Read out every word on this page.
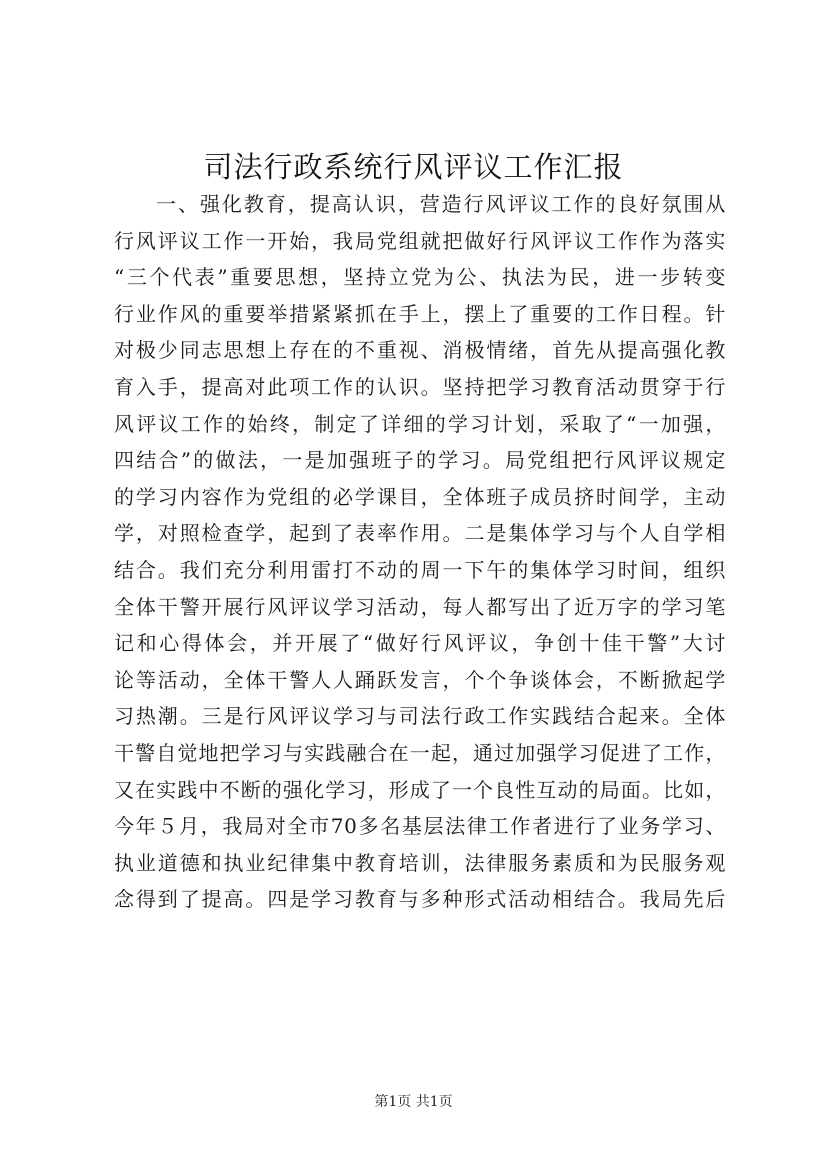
司法行政系统行风评议工作汇报
一、强化教育，提高认识，营造行风评议工作的良好氛围从
行风评议工作一开始，我局党组就把做好行风评议工作作为落实
“三个代表”重要思想，坚持立党为公、执法为民，进一步转变
行业作风的重要举措紧紧抓在手上，摆上了重要的工作日程。针
对极少同志思想上存在的不重视、消极情绪，首先从提高强化教
育入手，提高对此项工作的认识。坚持把学习教育活动贯穿于行
风评议工作的始终，制定了详细的学习计划，采取了“一加强，
四结合”的做法，一是加强班子的学习。局党组把行风评议规定
的学习内容作为党组的必学课目，全体班子成员挤时间学，主动
学，对照检查学，起到了表率作用。二是集体学习与个人自学相
结合。我们充分利用雷打不动的周一下午的集体学习时间，组织
全体干警开展行风评议学习活动，每人都写出了近万字的学习笔
记和心得体会，并开展了“做好行风评议，争创十佳干警”大讨
论等活动，全体干警人人踊跃发言，个个争谈体会，不断掀起学
习热潮。三是行风评议学习与司法行政工作实践结合起来。全体
干警自觉地把学习与实践融合在一起，通过加强学习促进了工作，
又在实践中不断的强化学习，形成了一个良性互动的局面。比如，
今年５月，我局对全市70多名基层法律工作者进行了业务学习、
执业道德和执业纪律集中教育培训，法律服务素质和为民服务观
念得到了提高。四是学习教育与多种形式活动相结合。我局先后
第1页 共1页
